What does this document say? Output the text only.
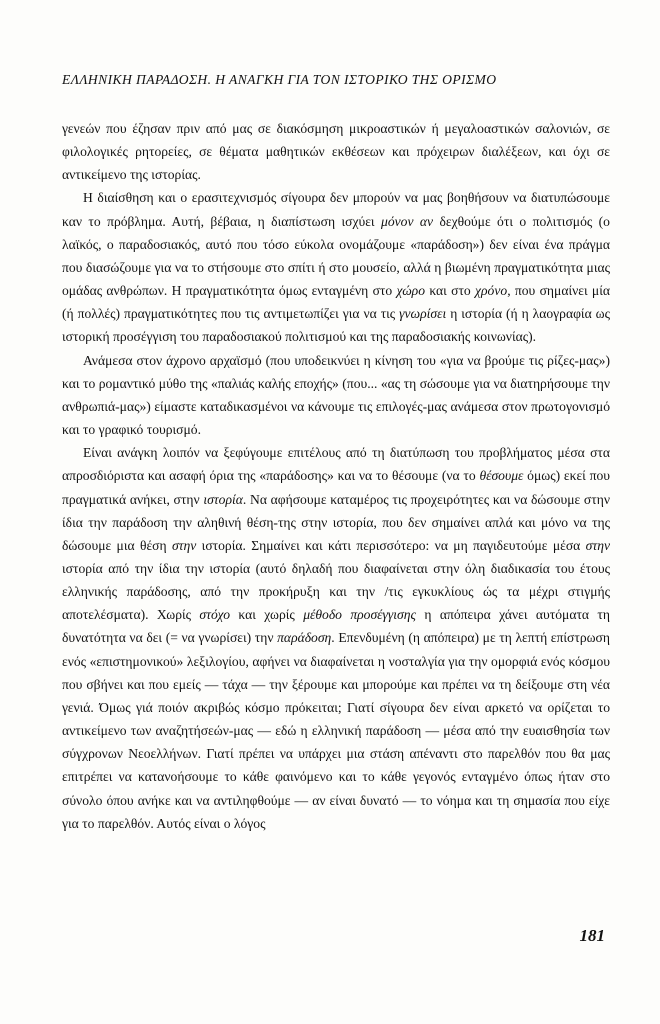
ΕΛΛΗΝΙΚΗ ΠΑΡΑΔΟΣΗ. Η ΑΝΑΓΚΗ ΓΙΑ ΤΟΝ ΙΣΤΟΡΙΚΟ ΤΗΣ ΟΡΙΣΜΟ

γενεών που έζησαν πριν από μας σε διακόσμηση μικροαστικών ή μεγαλοαστικών σαλονιών, σε φιλολογικές ρητορείες, σε θέματα μαθητικών εκθέσεων και πρόχειρων διαλέξεων, και όχι σε αντικείμενο της ιστορίας.

Η διαίσθηση και ο ερασιτεχνισμός σίγουρα δεν μπορούν να μας βοηθήσουν να διατυπώσουμε καν το πρόβλημα. Αυτή, βέβαια, η διαπίστωση ισχύει μόνον αν δεχθούμε ότι ο πολιτισμός (ο λαϊκός, ο παραδοσιακός, αυτό που τόσο εύκολα ονομάζουμε «παράδοση») δεν είναι ένα πράγμα που διασώζουμε για να το στήσουμε στο σπίτι ή στο μουσείο, αλλά η βιωμένη πραγματικότητα μιας ομάδας ανθρώπων. Η πραγματικότητα όμως ενταγμένη στο χώρο και στο χρόνο, που σημαίνει μία (ή πολλές) πραγματικότητες που τις αντιμετωπίζει για να τις γνωρίσει η ιστορία (ή η λαογραφία ως ιστορική προσέγγιση του παραδοσιακού πολιτισμού και της παραδοσιακής κοινωνίας).

Ανάμεσα στον άχρονο αρχαϊσμό (που υποδεικνύει η κίνηση του «για να βρούμε τις ρίζες-μας») και το ρομαντικό μύθο της «παλιάς καλής εποχής» (που... «ας τη σώσουμε για να διατηρήσουμε την ανθρωπιά-μας») είμαστε καταδικασμένοι να κάνουμε τις επιλογές-μας ανάμεσα στον πρωτογονισμό και το γραφικό τουρισμό.

Είναι ανάγκη λοιπόν να ξεφύγουμε επιτέλους από τη διατύπωση του προβλήματος μέσα στα απροσδιόριστα και ασαφή όρια της «παράδοσης» και να το θέσουμε (να το θέσουμε όμως) εκεί που πραγματικά ανήκει, στην ιστορία. Να αφήσουμε καταμέρος τις προχειρότητες και να δώσουμε στην ίδια την παράδοση την αληθινή θέση-της στην ιστορία, που δεν σημαίνει απλά και μόνο να της δώσουμε μια θέση στην ιστορία. Σημαίνει και κάτι περισσότερο: να μη παγιδευτούμε μέσα στην ιστορία από την ίδια την ιστορία (αυτό δηλαδή που διαφαίνεται στην όλη διαδικασία του έτους ελληνικής παράδοσης, από την προκήρυξη και την /τις εγκυκλίους ώς τα μέχρι στιγμής αποτελέσματα). Χωρίς στόχο και χωρίς μέθοδο προσέγγισης η απόπειρα χάνει αυτόματα τη δυνατότητα να δει (= να γνωρίσει) την παράδοση. Επενδυμένη (η απόπειρα) με τη λεπτή επίστρωση ενός «επιστημονικού» λεξιλογίου, αφήνει να διαφαίνεται η νοσταλγία για την ομορφιά ενός κόσμου που σβήνει και που εμείς — τάχα — την ξέρουμε και μπορούμε και πρέπει να τη δείξουμε στη νέα γενιά. Όμως γιά ποιόν ακριβώς κόσμο πρόκειται; Γιατί σίγουρα δεν είναι αρκετό να ορίζεται το αντικείμενο των αναζητήσεών-μας — εδώ η ελληνική παράδοση — μέσα από την ευαισθησία των σύγχρονων Νεοελλήνων. Γιατί πρέπει να υπάρχει μια στάση απέναντι στο παρελθόν που θα μας επιτρέπει να κατανοήσουμε το κάθε φαινόμενο και το κάθε γεγονός ενταγμένο όπως ήταν στο σύνολο όπου ανήκε και να αντιληφθούμε — αν είναι δυνατό — το νόημα και τη σημασία που είχε για το παρελθόν. Αυτός είναι ο λόγος

181
